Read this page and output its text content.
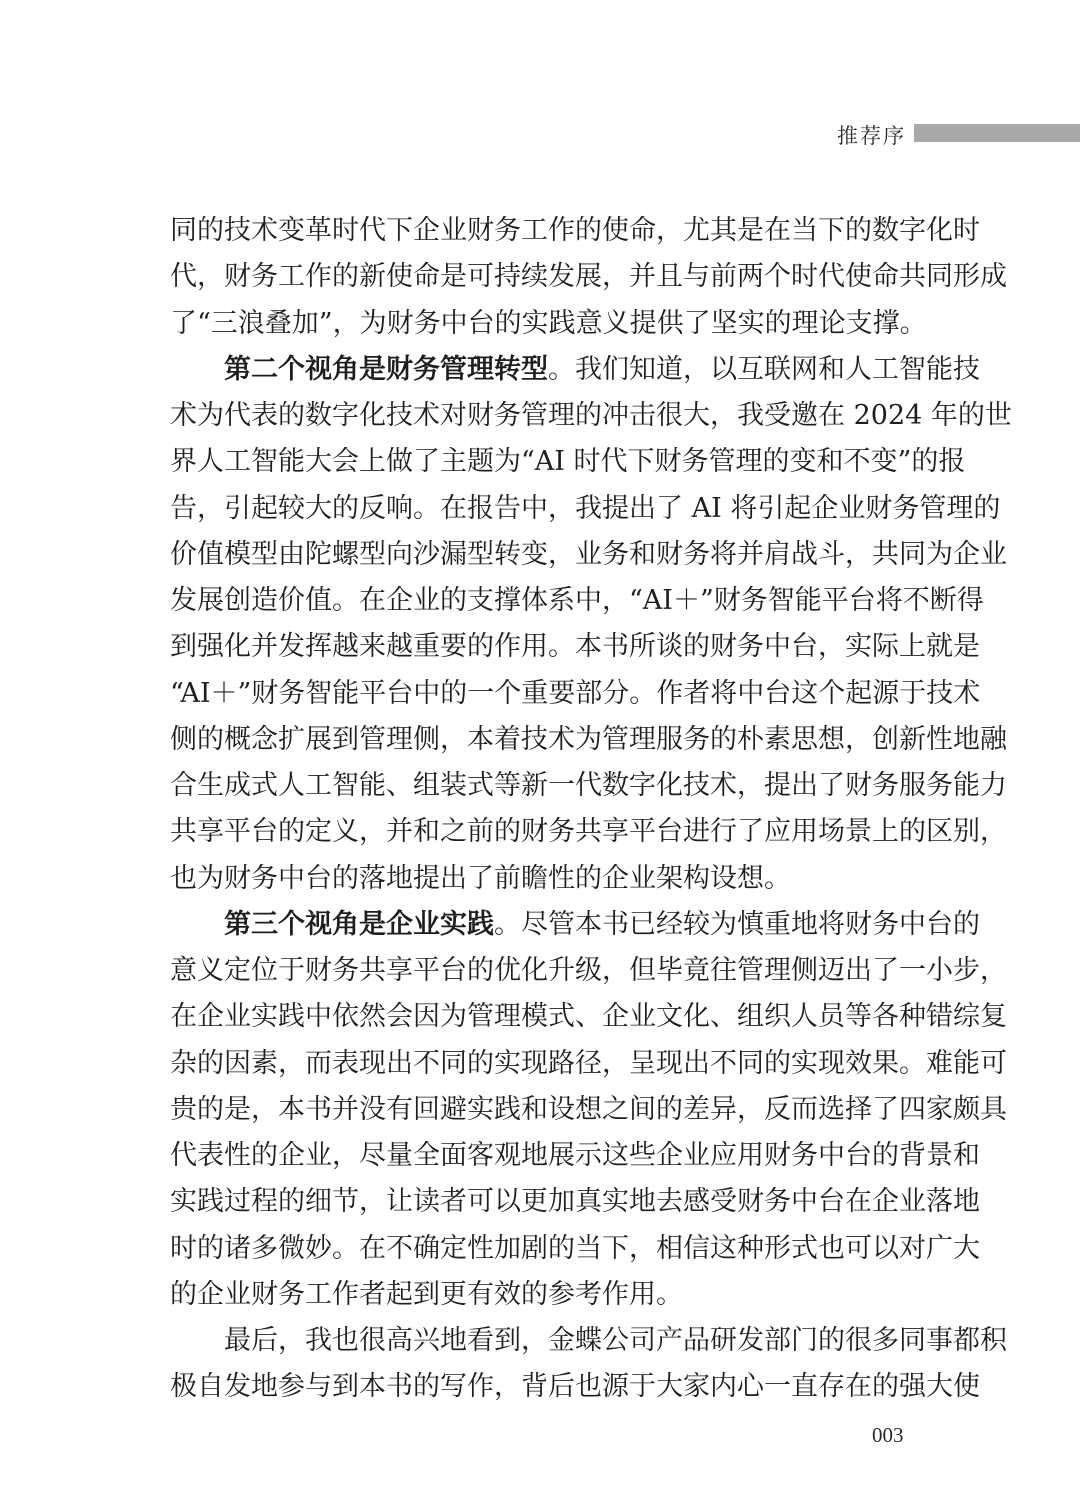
推荐序
同的技术变革时代下企业财务工作的使命，尤其是在当下的数字化时
代，财务工作的新使命是可持续发展，并且与前两个时代使命共同形成
了“三浪叠加”，为财务中台的实践意义提供了坚实的理论支撑。
第二个视角是财务管理转型。我们知道，以互联网和人工智能技
术为代表的数字化技术对财务管理的冲击很大，我受邀在 2024 年的世
界人工智能大会上做了主题为“AI 时代下财务管理的变和不变”的报
告，引起较大的反响。在报告中，我提出了 AI 将引起企业财务管理的
价值模型由陀螺型向沙漏型转变，业务和财务将并肩战斗，共同为企业
发展创造价值。在企业的支撑体系中，“AI＋”财务智能平台将不断得
到强化并发挥越来越重要的作用。本书所谈的财务中台，实际上就是
“AI＋”财务智能平台中的一个重要部分。作者将中台这个起源于技术
侧的概念扩展到管理侧，本着技术为管理服务的朴素思想，创新性地融
合生成式人工智能、组装式等新一代数字化技术，提出了财务服务能力
共享平台的定义，并和之前的财务共享平台进行了应用场景上的区别，
也为财务中台的落地提出了前瞻性的企业架构设想。
第三个视角是企业实践。尽管本书已经较为慎重地将财务中台的
意义定位于财务共享平台的优化升级，但毕竟往管理侧迈出了一小步，
在企业实践中依然会因为管理模式、企业文化、组织人员等各种错综复
杂的因素，而表现出不同的实现路径，呈现出不同的实现效果。难能可
贵的是，本书并没有回避实践和设想之间的差异，反而选择了四家颇具
代表性的企业，尽量全面客观地展示这些企业应用财务中台的背景和
实践过程的细节，让读者可以更加真实地去感受财务中台在企业落地
时的诸多微妙。在不确定性加剧的当下，相信这种形式也可以对广大
的企业财务工作者起到更有效的参考作用。
最后，我也很高兴地看到，金蝶公司产品研发部门的很多同事都积
极自发地参与到本书的写作，背后也源于大家内心一直存在的强大使
003
